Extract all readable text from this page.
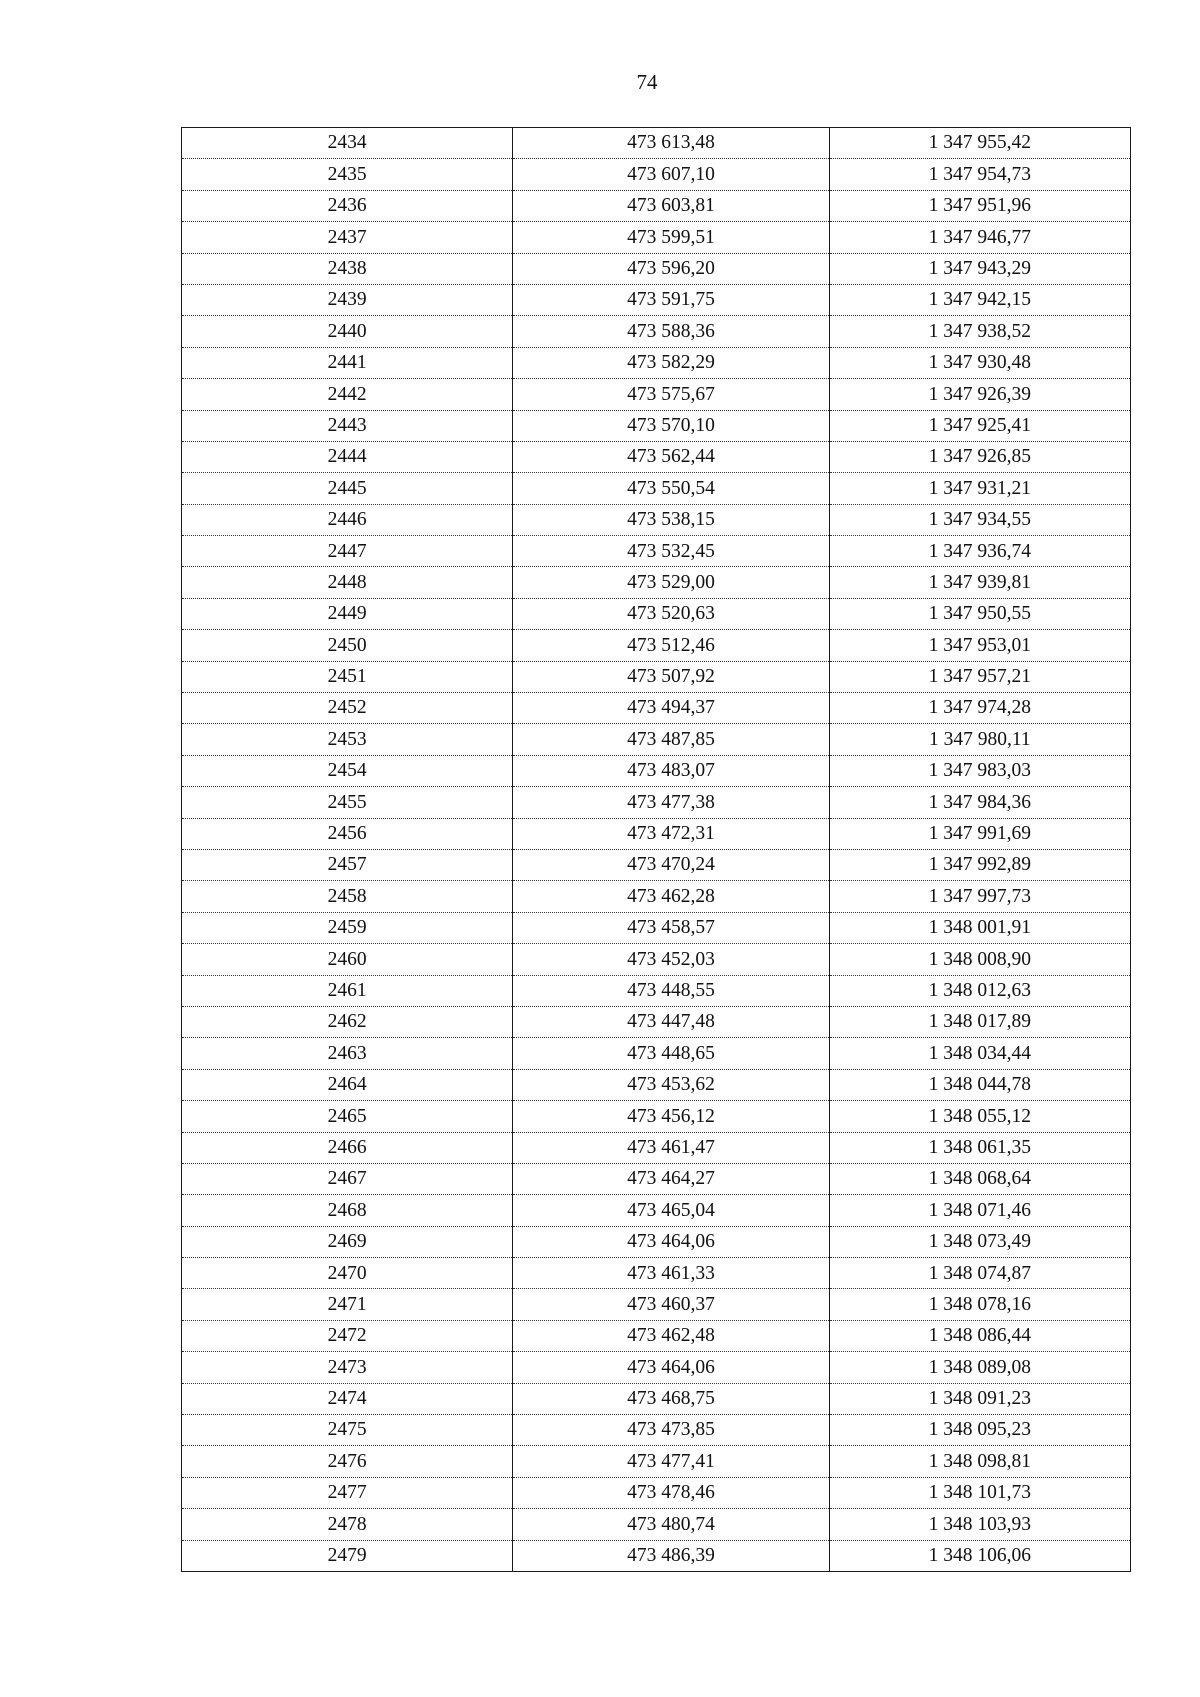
74
2434	473 613,48	1 347 955,42
2435	473 607,10	1 347 954,73
2436	473 603,81	1 347 951,96
2437	473 599,51	1 347 946,77
2438	473 596,20	1 347 943,29
2439	473 591,75	1 347 942,15
2440	473 588,36	1 347 938,52
2441	473 582,29	1 347 930,48
2442	473 575,67	1 347 926,39
2443	473 570,10	1 347 925,41
2444	473 562,44	1 347 926,85
2445	473 550,54	1 347 931,21
2446	473 538,15	1 347 934,55
2447	473 532,45	1 347 936,74
2448	473 529,00	1 347 939,81
2449	473 520,63	1 347 950,55
2450	473 512,46	1 347 953,01
2451	473 507,92	1 347 957,21
2452	473 494,37	1 347 974,28
2453	473 487,85	1 347 980,11
2454	473 483,07	1 347 983,03
2455	473 477,38	1 347 984,36
2456	473 472,31	1 347 991,69
2457	473 470,24	1 347 992,89
2458	473 462,28	1 347 997,73
2459	473 458,57	1 348 001,91
2460	473 452,03	1 348 008,90
2461	473 448,55	1 348 012,63
2462	473 447,48	1 348 017,89
2463	473 448,65	1 348 034,44
2464	473 453,62	1 348 044,78
2465	473 456,12	1 348 055,12
2466	473 461,47	1 348 061,35
2467	473 464,27	1 348 068,64
2468	473 465,04	1 348 071,46
2469	473 464,06	1 348 073,49
2470	473 461,33	1 348 074,87
2471	473 460,37	1 348 078,16
2472	473 462,48	1 348 086,44
2473	473 464,06	1 348 089,08
2474	473 468,75	1 348 091,23
2475	473 473,85	1 348 095,23
2476	473 477,41	1 348 098,81
2477	473 478,46	1 348 101,73
2478	473 480,74	1 348 103,93
2479	473 486,39	1 348 106,06
